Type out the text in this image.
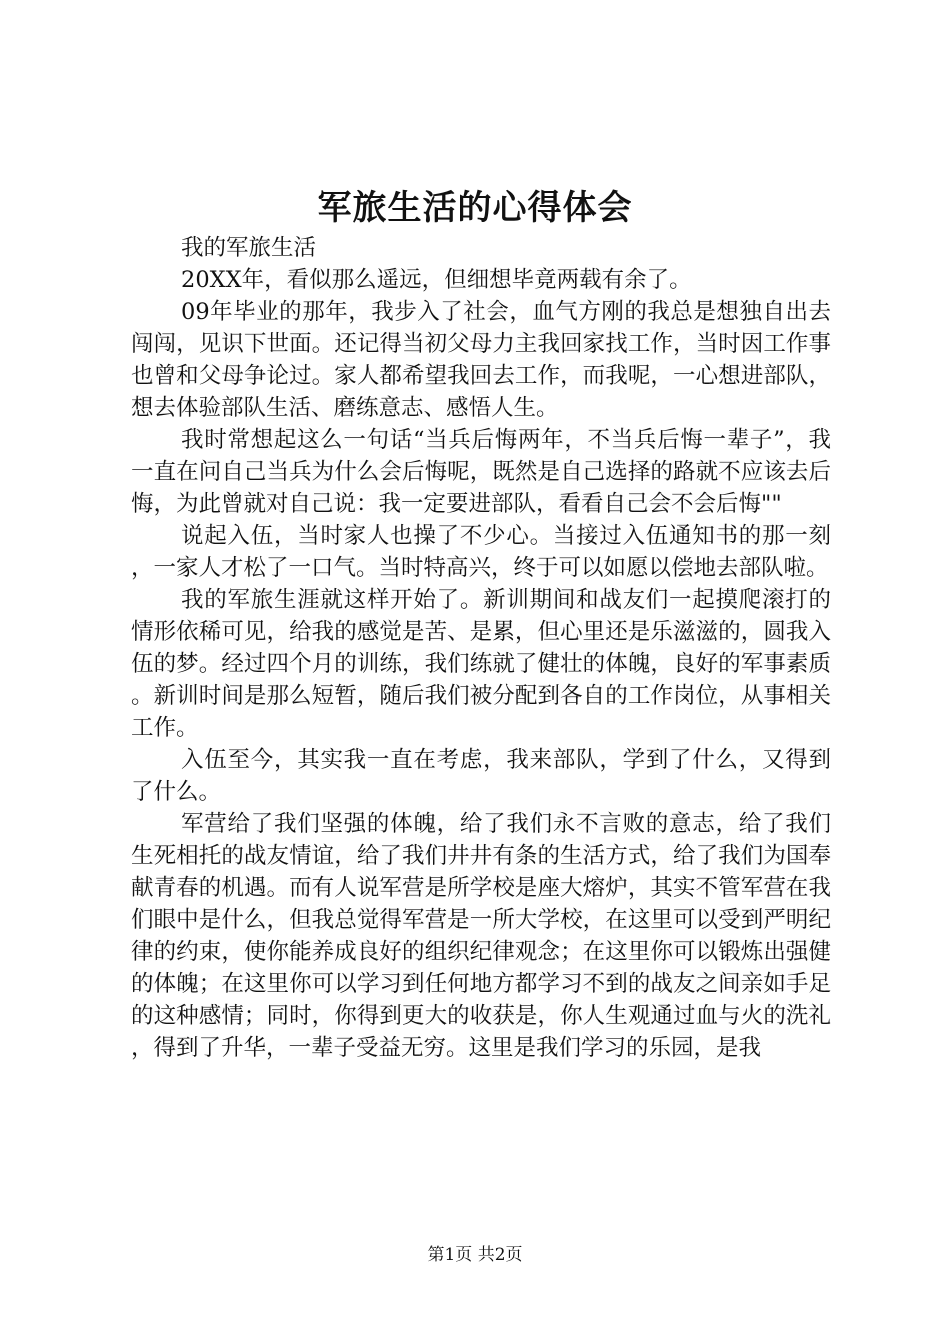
军旅生活的心得体会

我的军旅生活

20XX年，看似那么遥远，但细想毕竟两载有余了。

09年毕业的那年，我步入了社会，血气方刚的我总是想独自出去闯闯，见识下世面。还记得当初父母力主我回家找工作，当时因工作事也曾和父母争论过。家人都希望我回去工作，而我呢，一心想进部队，想去体验部队生活、磨练意志、感悟人生。

我时常想起这么一句话“当兵后悔两年，不当兵后悔一辈子”，我一直在问自己当兵为什么会后悔呢，既然是自己选择的路就不应该去后悔，为此曾就对自己说：我一定要进部队，看看自己会不会后悔""

说起入伍，当时家人也操了不少心。当接过入伍通知书的那一刻，一家人才松了一口气。当时特高兴，终于可以如愿以偿地去部队啦。

我的军旅生涯就这样开始了。新训期间和战友们一起摸爬滚打的情形依稀可见，给我的感觉是苦、是累，但心里还是乐滋滋的，圆我入伍的梦。经过四个月的训练，我们练就了健壮的体魄，良好的军事素质。新训时间是那么短暂，随后我们被分配到各自的工作岗位，从事相关工作。

入伍至今，其实我一直在考虑，我来部队，学到了什么，又得到了什么。

军营给了我们坚强的体魄，给了我们永不言败的意志，给了我们生死相托的战友情谊，给了我们井井有条的生活方式，给了我们为国奉献青春的机遇。而有人说军营是所学校是座大熔炉，其实不管军营在我们眼中是什么，但我总觉得军营是一所大学校，在这里可以受到严明纪律的约束，使你能养成良好的组织纪律观念；在这里你可以锻炼出强健的体魄；在这里你可以学习到任何地方都学习不到的战友之间亲如手足的这种感情；同时，你得到更大的收获是，你人生观通过血与火的洗礼，得到了升华，一辈子受益无穷。这里是我们学习的乐园，是我

第1页 共2页
